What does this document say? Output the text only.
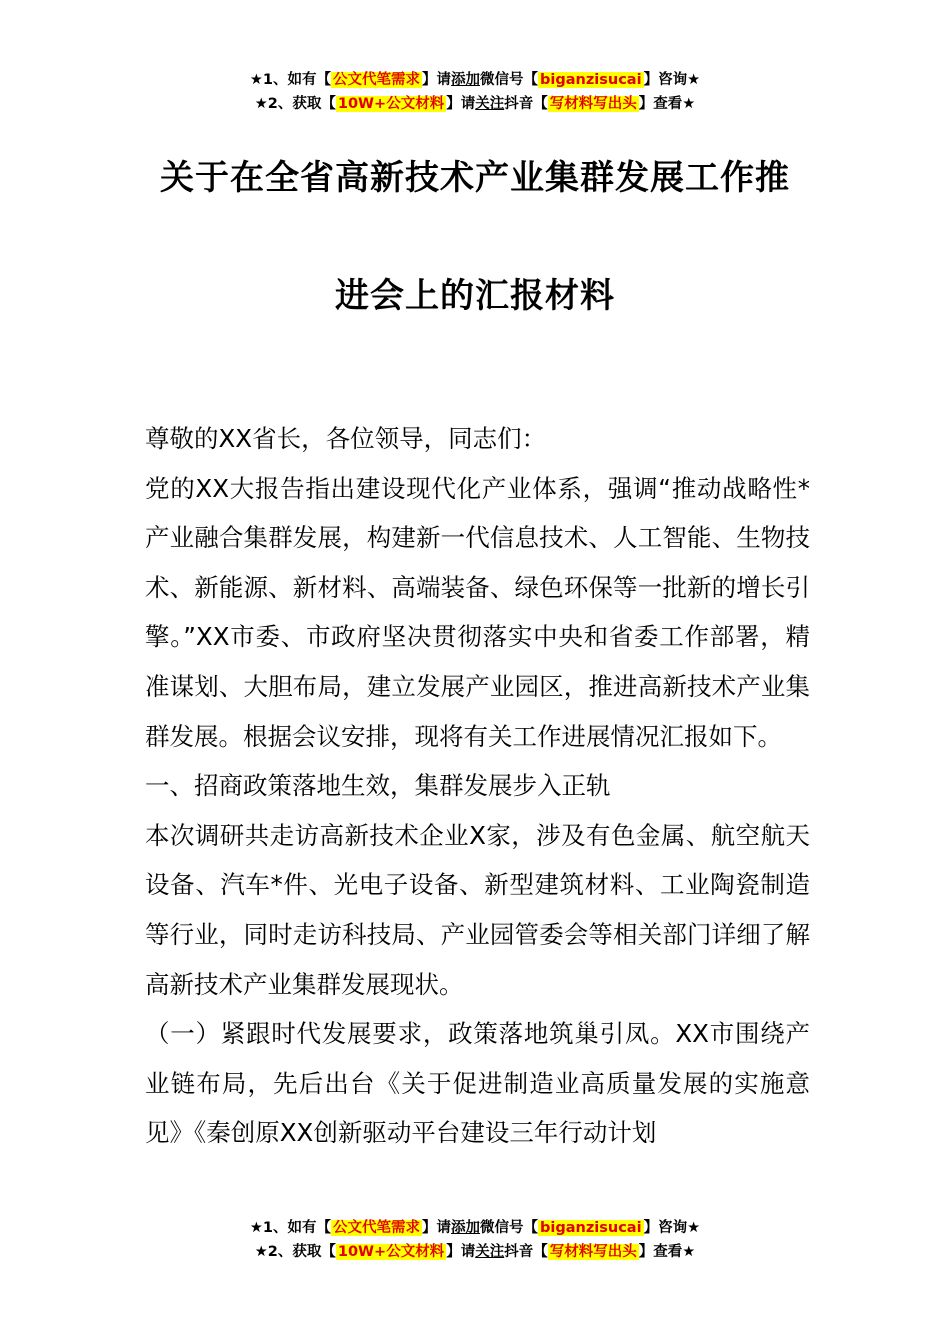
★1、如有【 公文代笔需求 】请添加微信号【 biganzisucai 】咨询★
★2、获取【 10W+公文材料 】请关注抖音【 写材料写出头 】查看★
关于在全省高新技术产业集群发展工作推
进会上的汇报材料

尊敬的XX省长，各位领导，同志们：

党的XX大报告指出建设现代化产业体系，强调“推动战略性*产业融合集群发展，构建新一代信息技术、人工智能、生物技术、新能源、新材料、高端装备、绿色环保等一批新的增长引擎。”XX市委、市政府坚决贯彻落实中央和省委工作部署，精准谋划、大胆布局，建立发展产业园区，推进高新技术产业集群发展。根据会议安排，现将有关工作进展情况汇报如下。

一、招商政策落地生效，集群发展步入正轨

本次调研共走访高新技术企业X家，涉及有色金属、航空航天设备、汽车*件、光电子设备、新型建筑材料、工业陶瓷制造等行业，同时走访科技局、产业园管委会等相关部门详细了解高新技术产业集群发展现状。

（一）紧跟时代发展要求，政策落地筑巢引凤。XX市围绕产业链布局，先后出台《关于促进制造业高质量发展的实施意见》《秦创原XX创新驱动平台建设三年行动计划

★1、如有【 公文代笔需求 】请添加微信号【 biganzisucai 】咨询★
★2、获取【 10W+公文材料 】请关注抖音【 写材料写出头 】查看★
